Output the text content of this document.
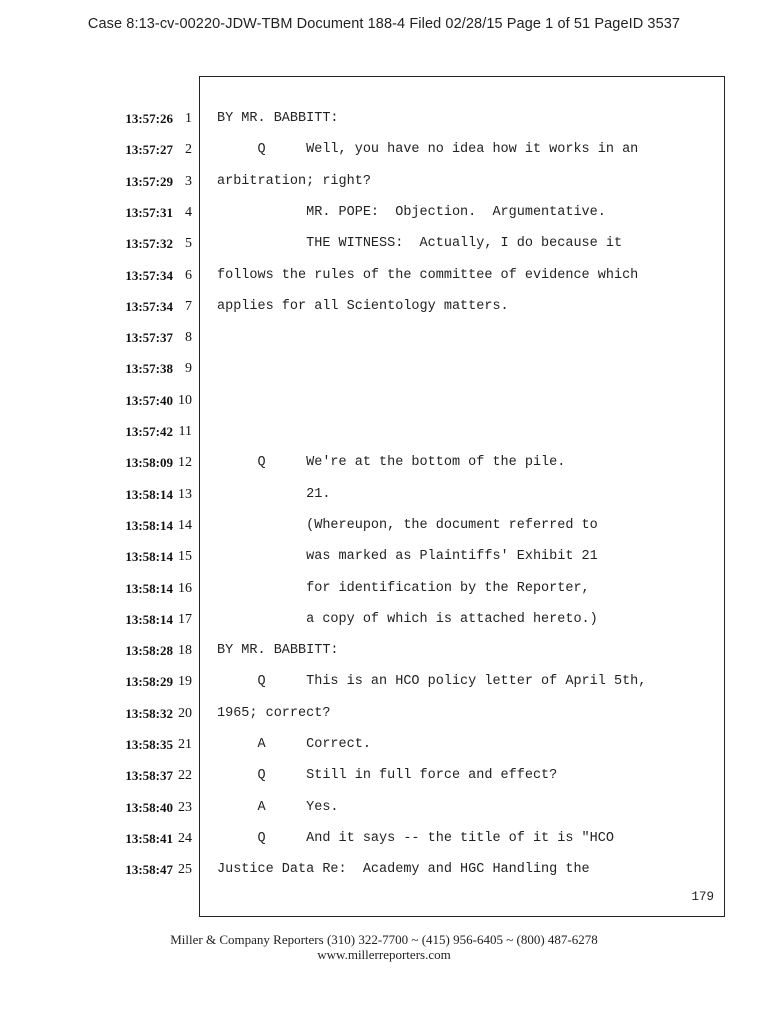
Case 8:13-cv-00220-JDW-TBM Document 188-4 Filed 02/28/15 Page 1 of 51 PageID 3537
13:57:26 1 BY MR. BABBITT:
13:57:27 2 Q     Well, you have no idea how it works in an
13:57:29 3 arbitration; right?
13:57:31 4 MR. POPE:  Objection.  Argumentative.
13:57:32 5 THE WITNESS:  Actually, I do because it
13:57:34 6 follows the rules of the committee of evidence which
13:57:34 7 applies for all Scientology matters.
13:57:37 8
13:57:38 9
13:57:40 10
13:57:42 11
13:58:09 12 Q     We're at the bottom of the pile.
13:58:14 13 21.
13:58:14 14 (Whereupon, the document referred to
13:58:14 15 was marked as Plaintiffs' Exhibit 21
13:58:14 16 for identification by the Reporter,
13:58:14 17 a copy of which is attached hereto.)
13:58:28 18 BY MR. BABBITT:
13:58:29 19 Q     This is an HCO policy letter of April 5th,
13:58:32 20 1965; correct?
13:58:35 21 A     Correct.
13:58:37 22 Q     Still in full force and effect?
13:58:40 23 A     Yes.
13:58:41 24 Q     And it says -- the title of it is "HCO
13:58:47 25 Justice Data Re:  Academy and HGC Handling the
179
Miller & Company Reporters (310) 322-7700 ~ (415) 956-6405 ~ (800) 487-6278
www.millerreporters.com
